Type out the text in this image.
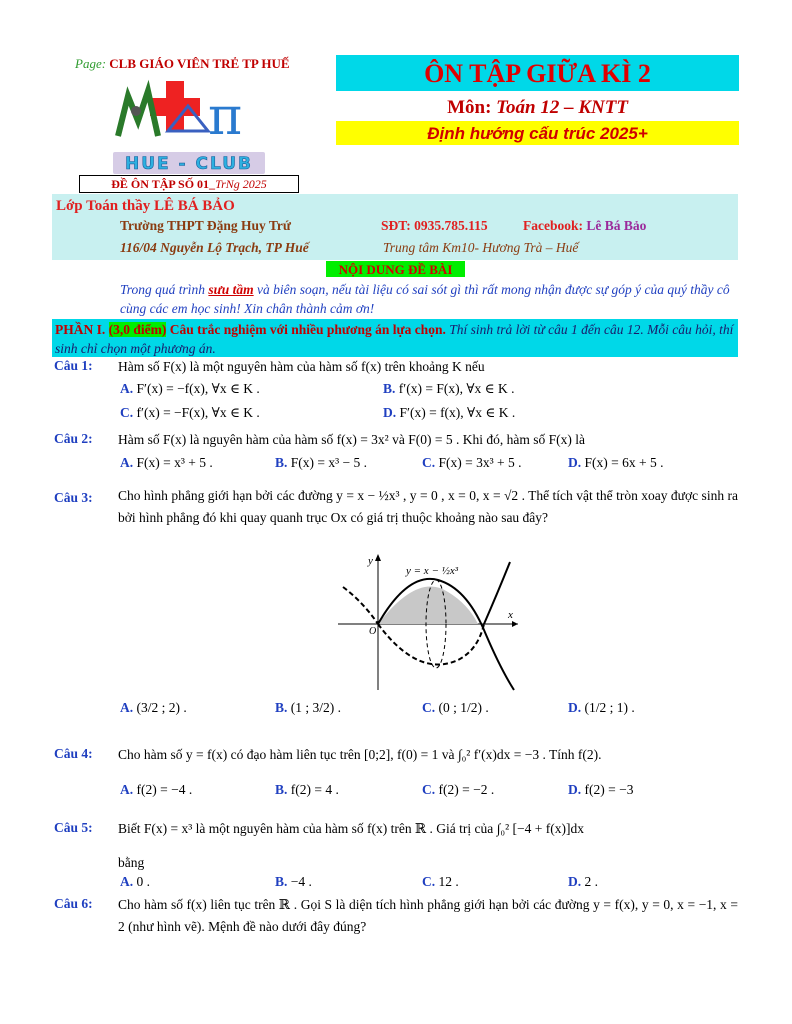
Page: CLB GIÁO VIÊN TRẺ TP HUẾ
π
HUE - CLUB
ĐỀ ÔN TẬP SỐ 01_TrNg 2025
ÔN TẬP GIỮA KÌ 2
Môn: Toán 12 – KNTT
Định hướng cấu trúc 2025+
Lớp Toán thầy LÊ BÁ BẢO
Trường THPT Đặng Huy Trứ	SĐT: 0935.785.115	Facebook: Lê Bá Bảo
116/04 Nguyễn Lộ Trạch, TP Huế	Trung tâm Km10- Hương Trà – Huế
NỘI DUNG ĐỀ BÀI
Trong quá trình sưu tầm và biên soạn, nếu tài liệu có sai sót gì thì rất mong nhận được sự góp ý của quý thầy cô cùng các em học sinh! Xin chân thành cảm ơn!
PHẦN I. (3,0 điểm) Câu trắc nghiệm với nhiều phương án lựa chọn. Thí sinh trả lời từ câu 1 đến câu 12. Mỗi câu hỏi, thí sinh chỉ chọn một phương án.
Câu 1: Hàm số F(x) là một nguyên hàm của hàm số f(x) trên khoảng K nếu
A. F′(x) = −f(x), ∀x ∈ K .	B. f′(x) = F(x), ∀x ∈ K .
C. f′(x) = −F(x), ∀x ∈ K .	D. F′(x) = f(x), ∀x ∈ K .
Câu 2: Hàm số F(x) là nguyên hàm của hàm số f(x) = 3x² và F(0) = 5 . Khi đó, hàm số F(x) là
A. F(x) = x³ + 5 .	B. F(x) = x³ − 5 .	C. F(x) = 3x³ + 5 .	D. F(x) = 6x + 5 .
Câu 3: Cho hình phẳng giới hạn bởi các đường y = x − ½x³ , y = 0 , x = 0, x = √2 . Thể tích vật thể tròn xoay được sinh ra bởi hình phẳng đó khi quay quanh trục Ox có giá trị thuộc khoảng nào sau đây?
x
y
O
y = x − ½x³
A. (3/2 ; 2) .	B. (1 ; 3/2) .	C. (0 ; 1/2) .	D. (1/2 ; 1) .
Câu 4: Cho hàm số y = f(x) có đạo hàm liên tục trên [0;2], f(0) = 1 và ∫₀² f′(x)dx = −3 . Tính f(2).
A. f(2) = −4 .	B. f(2) = 4 .	C. f(2) = −2 .	D. f(2) = −3
Câu 5: Biết F(x) = x³ là một nguyên hàm của hàm số f(x) trên ℝ . Giá trị của ∫₀² [−4 + f(x)]dx
bằng
A. 0 .	B. −4 .	C. 12 .	D. 2 .
Câu 6: Cho hàm số f(x) liên tục trên ℝ . Gọi S là diện tích hình phẳng giới hạn bởi các đường y = f(x), y = 0, x = −1, x = 2 (như hình vẽ). Mệnh đề nào dưới đây đúng?
